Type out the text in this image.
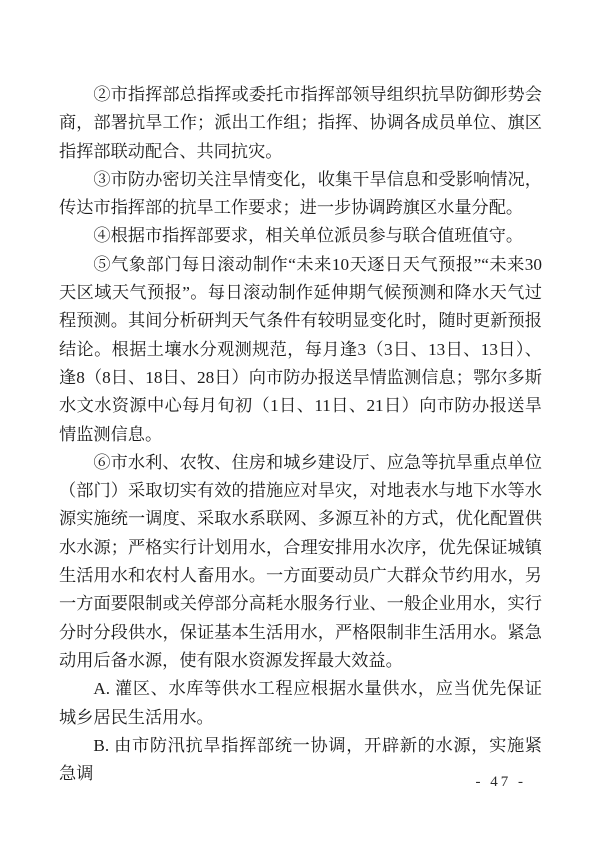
②市指挥部总指挥或委托市指挥部领导组织抗旱防御形势会商，部署抗旱工作；派出工作组；指挥、协调各成员单位、旗区指挥部联动配合、共同抗灾。

③市防办密切关注旱情变化，收集干旱信息和受影响情况，传达市指挥部的抗旱工作要求；进一步协调跨旗区水量分配。

④根据市指挥部要求，相关单位派员参与联合值班值守。

⑤气象部门每日滚动制作“未来10天逐日天气预报”“未来30天区域天气预报”。每日滚动制作延伸期气候预测和降水天气过程预测。其间分析研判天气条件有较明显变化时，随时更新预报结论。根据土壤水分观测规范，每月逢3（3日、13日、13日）、逢8（8日、18日、28日）向市防办报送旱情监测信息；鄂尔多斯水文水资源中心每月旬初（1日、11日、21日）向市防办报送旱情监测信息。

⑥市水利、农牧、住房和城乡建设厅、应急等抗旱重点单位（部门）采取切实有效的措施应对旱灾，对地表水与地下水等水源实施统一调度、采取水系联网、多源互补的方式，优化配置供水水源；严格实行计划用水，合理安排用水次序，优先保证城镇生活用水和农村人畜用水。一方面要动员广大群众节约用水，另一方面要限制或关停部分高耗水服务行业、一般企业用水，实行分时分段供水，保证基本生活用水，严格限制非生活用水。紧急动用后备水源，使有限水资源发挥最大效益。

A. 灌区、水库等供水工程应根据水量供水，应当优先保证城乡居民生活用水。

B. 由市防汛抗旱指挥部统一协调，开辟新的水源，实施紧急调	- 47 -
